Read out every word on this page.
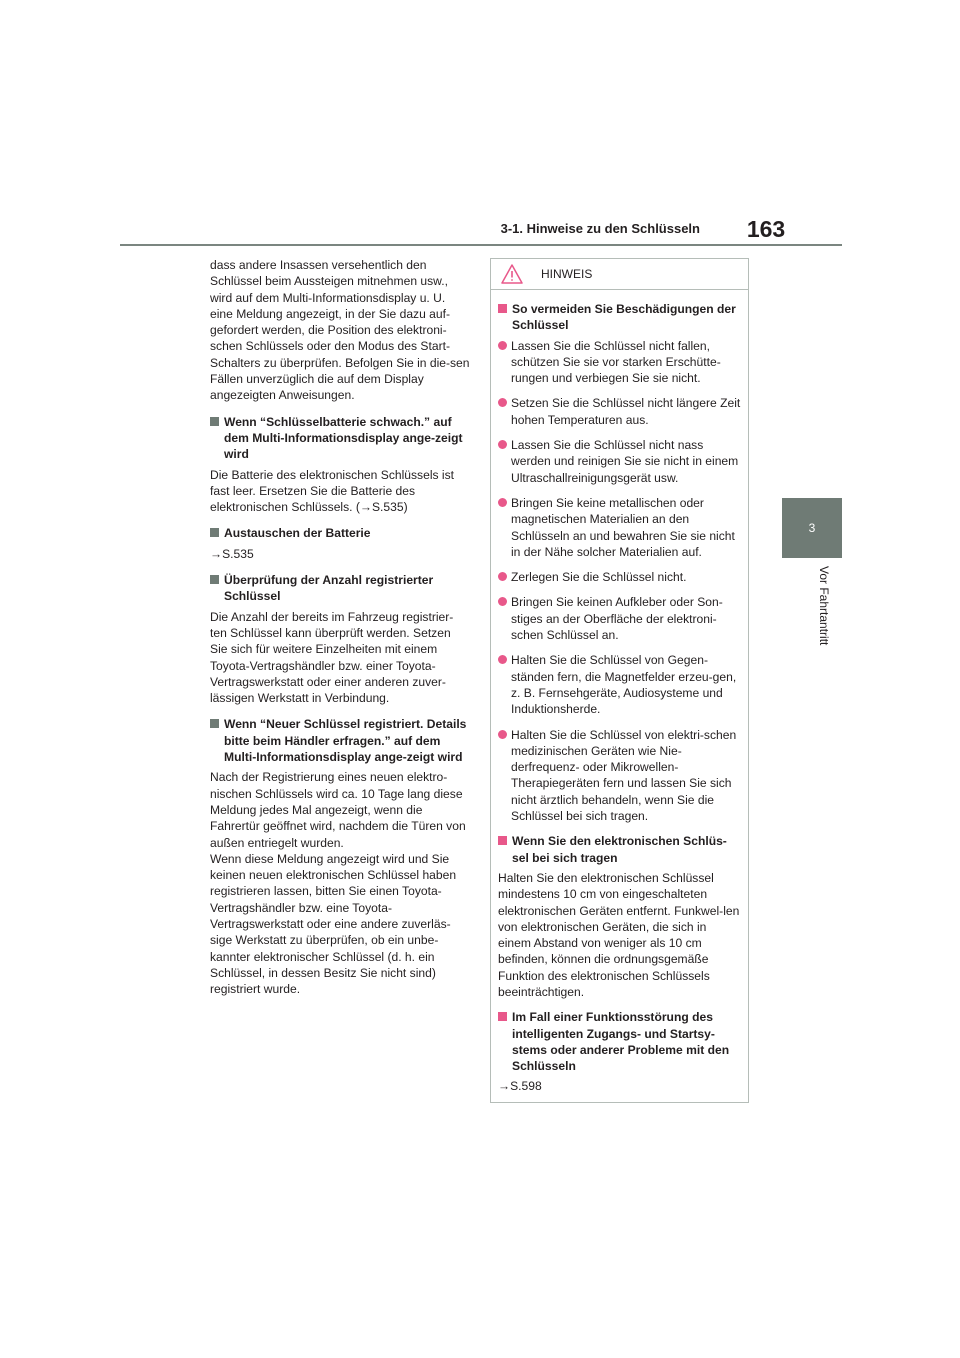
163
3-1. Hinweise zu den Schlüsseln
3
Vor Fahrtantritt

dass andere Insassen versehentlich den Schlüssel beim Aussteigen mitnehmen usw., wird auf dem Multi-Informationsdisplay u. U. eine Meldung angezeigt, in der Sie dazu auf-gefordert werden, die Position des elektroni-schen Schlüssels oder den Modus des Start-Schalters zu überprüfen. Befolgen Sie in die-sen Fällen unverzüglich die auf dem Display angezeigten Anweisungen.

Wenn “Schlüsselbatterie schwach.” auf dem Multi-Informationsdisplay ange-zeigt wird

Die Batterie des elektronischen Schlüssels ist fast leer. Ersetzen Sie die Batterie des elektronischen Schlüssels. (→S.535)

Austauschen der Batterie

→S.535

Überprüfung der Anzahl registrierter Schlüssel

Die Anzahl der bereits im Fahrzeug registrier-ten Schlüssel kann überprüft werden. Setzen Sie sich für weitere Einzelheiten mit einem Toyota-Vertragshändler bzw. einer Toyota-Vertragswerkstatt oder einer anderen zuver-lässigen Werkstatt in Verbindung.

Wenn “Neuer Schlüssel registriert. Details bitte beim Händler erfragen.” auf dem Multi-Informationsdisplay ange-zeigt wird

Nach der Registrierung eines neuen elektro-nischen Schlüssels wird ca. 10 Tage lang diese Meldung jedes Mal angezeigt, wenn die Fahrertür geöffnet wird, nachdem die Türen von außen entriegelt wurden.

Wenn diese Meldung angezeigt wird und Sie keinen neuen elektronischen Schlüssel haben registrieren lassen, bitten Sie einen Toyota-Vertragshändler bzw. eine Toyota-Vertragswerkstatt oder eine andere zuverläs-sige Werkstatt zu überprüfen, ob ein unbe-kannter elektronischer Schlüssel (d. h. ein Schlüssel, in dessen Besitz Sie nicht sind) registriert wurde.

HINWEIS
So vermeiden Sie Beschädigungen der Schlüssel
Lassen Sie die Schlüssel nicht fallen, schützen Sie sie vor starken Erschütte-rungen und verbiegen Sie sie nicht.
Setzen Sie die Schlüssel nicht längere Zeit hohen Temperaturen aus.
Lassen Sie die Schlüssel nicht nass werden und reinigen Sie sie nicht in einem Ultraschallreinigungsgerät usw.
Bringen Sie keine metallischen oder magnetischen Materialien an den Schlüsseln an und bewahren Sie sie nicht in der Nähe solcher Materialien auf.
Zerlegen Sie die Schlüssel nicht.
Bringen Sie keinen Aufkleber oder Son-stiges an der Oberfläche der elektroni-schen Schlüssel an.
Halten Sie die Schlüssel von Gegen-ständen fern, die Magnetfelder erzeu-gen, z. B. Fernsehgeräte, Audiosysteme und Induktionsherde.
Halten Sie die Schlüssel von elektri-schen medizinischen Geräten wie Nie-derfrequenz- oder Mikrowellen-Therapiegeräten fern und lassen Sie sich nicht ärztlich behandeln, wenn Sie die Schlüssel bei sich tragen.
Wenn Sie den elektronischen Schlüs-sel bei sich tragen

Halten Sie den elektronischen Schlüssel mindestens 10 cm von eingeschalteten elektronischen Geräten entfernt. Funkwel-len von elektronischen Geräten, die sich in einem Abstand von weniger als 10 cm befinden, können die ordnungsgemäße Funktion des elektronischen Schlüssels beeinträchtigen.

Im Fall einer Funktionsstörung des intelligenten Zugangs- und Startsy-stems oder anderer Probleme mit den Schlüsseln

→S.598
